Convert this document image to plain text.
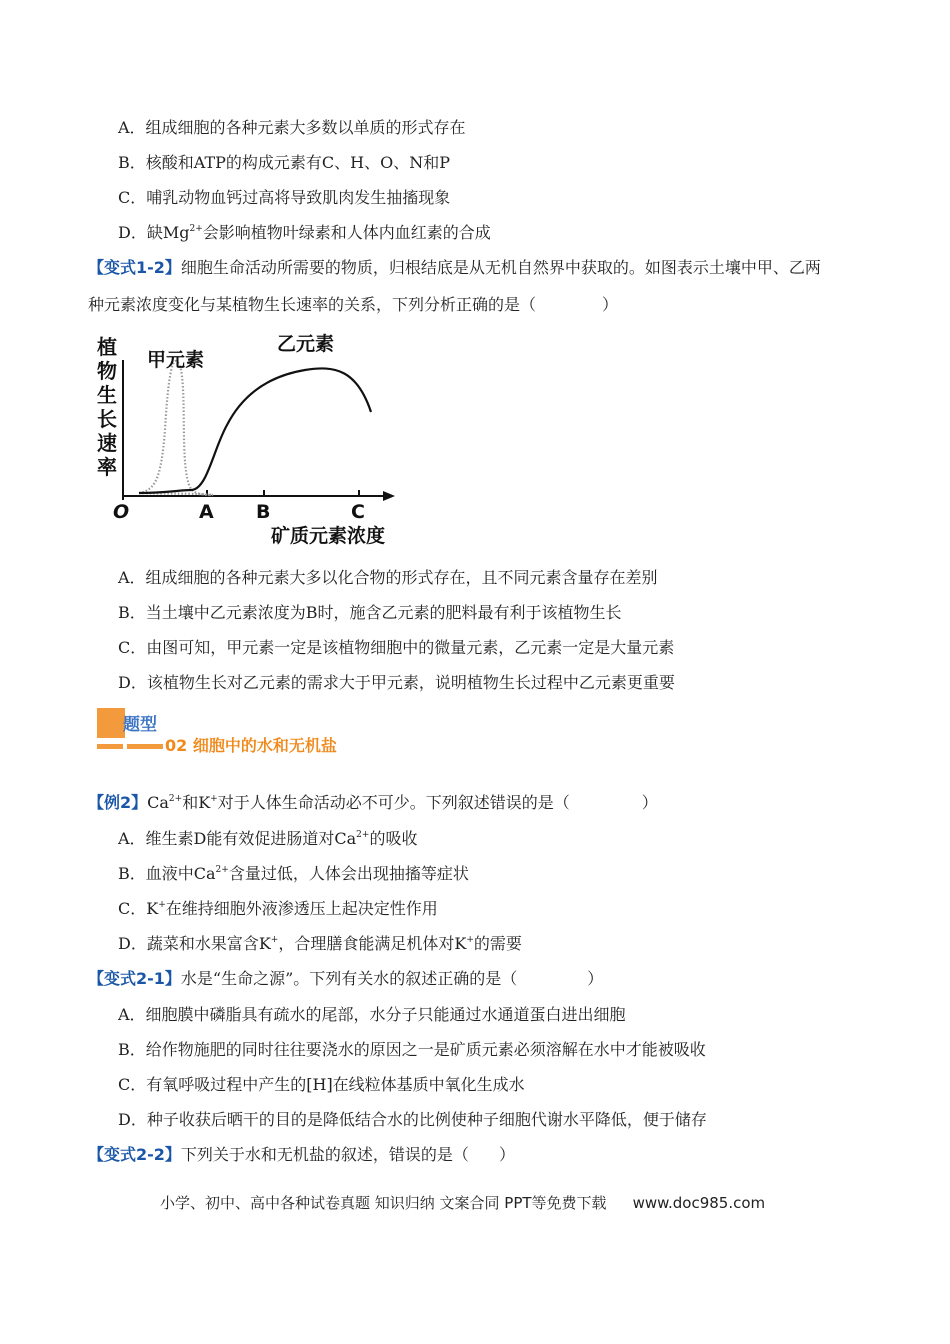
A．组成细胞的各种元素大多数以单质的形式存在
B．核酸和ATP的构成元素有C、H、O、N和P
C．哺乳动物血钙过高将导致肌肉发生抽搐现象
D．缺$Mg^{2+}$会影响植物叶绿素和人体内血红素的合成
【变式1-2】细胞生命活动所需要的物质，归根结底是从无机自然界中获取的。如图表示土壤中甲、乙两
种元素浓度变化与某植物生长速率的关系，下列分析正确的是（	）
植
物
生
长
速
率
甲元素
乙元素
O	A B	C
矿质元素浓度
A．组成细胞的各种元素大多以化合物的形式存在，且不同元素含量存在差别
B．当土壤中乙元素浓度为B时，施含乙元素的肥料最有利于该植物生长
C．由图可知，甲元素一定是该植物细胞中的微量元素，乙元素一定是大量元素
D．该植物生长对乙元素的需求大于甲元素，说明植物生长过程中乙元素更重要
题型
02 细胞中的水和无机盐
【例2】$Ca^{2+}$和K+对于人体生命活动必不可少。下列叙述错误的是（	）
A．维生素D能有效促进肠道对$Ca^{2+}$的吸收
B．血液中$Ca^{2+}$含量过低，人体会出现抽搐等症状
C．K+在维持细胞外液渗透压上起决定性作用
D．蔬菜和水果富含K+，合理膳食能满足机体对K+的需要
【变式2-1】水是“生命之源”。下列有关水的叙述正确的是（	）
A．细胞膜中磷脂具有疏水的尾部，水分子只能通过水通道蛋白进出细胞
B．给作物施肥的同时往往要浇水的原因之一是矿质元素必须溶解在水中才能被吸收
C．有氧呼吸过程中产生的[H]在线粒体基质中氧化生成水
D．种子收获后晒干的目的是降低结合水的比例使种子细胞代谢水平降低，便于储存
【变式2-2】下列关于水和无机盐的叙述，错误的是（ ）
小学、初中、高中各种试卷真题 知识归纳 文案合同 PPT等免费下载 www.doc985.com
